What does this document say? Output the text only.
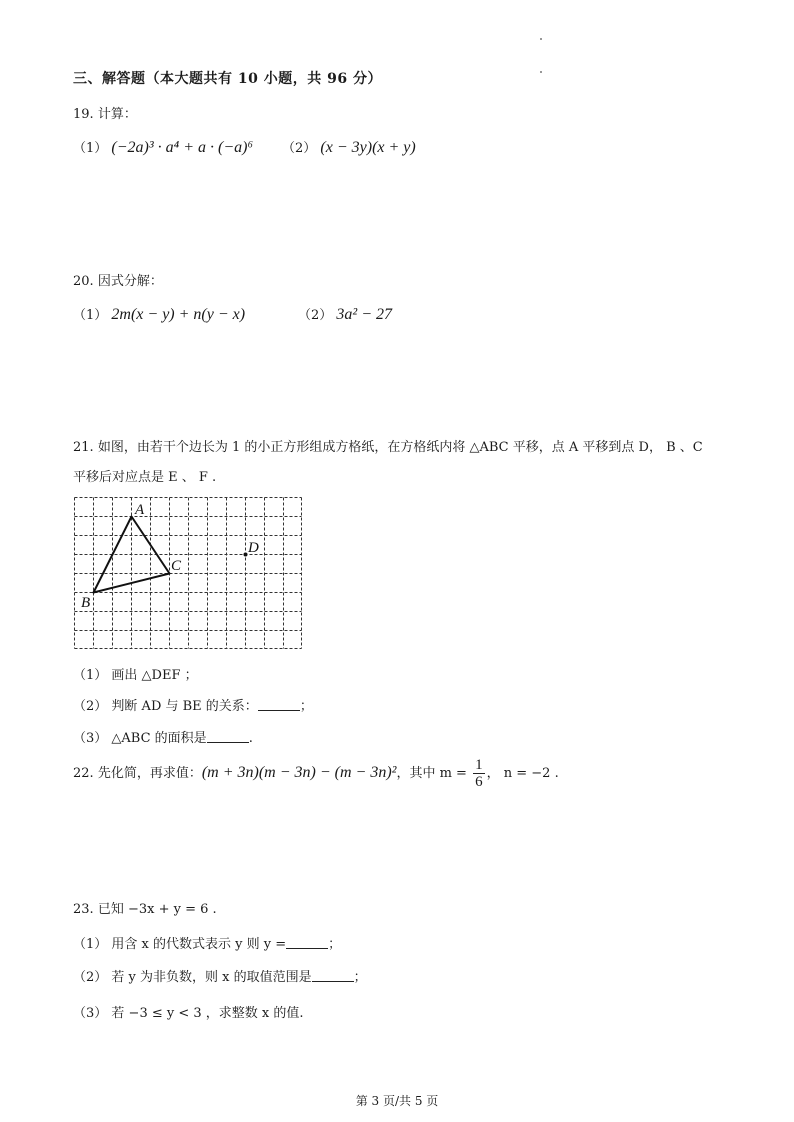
三、解答题（本大题共有 10 小题，共 96 分）
19. 计算：
（1） (−2a)³ · a⁴ + a · (−a)⁶ （2） (x − 3y)(x + y)
20. 因式分解：
（1） 2m(x − y) + n(y − x)	（2） 3a² − 27
21. 如图，由若干个边长为 1 的小正方形组成方格纸，在方格纸内将 △ABC 平移，点 A 平移到点 D， B 、C
平移后对应点是 E 、 F .
A
B
C
D
（1） 画出 △DEF ；
（2） 判断 AD 与 BE 的关系：	；
（3） △ABC 的面积是	.
22. 先化简，再求值：(m + 3n)(m − 3n) − (m − 3n)²，其中 $m = \frac{1}{6}$ ， n = −2 .
23. 已知 −3x + y = 6 .
（1） 用含 x 的代数式表示 y 则 y =	；
（2） 若 y 为非负数，则 x 的取值范围是	；
（3） 若 −3 ≤ y < 3 ，求整数 x 的值.
第 3 页/共 5 页
